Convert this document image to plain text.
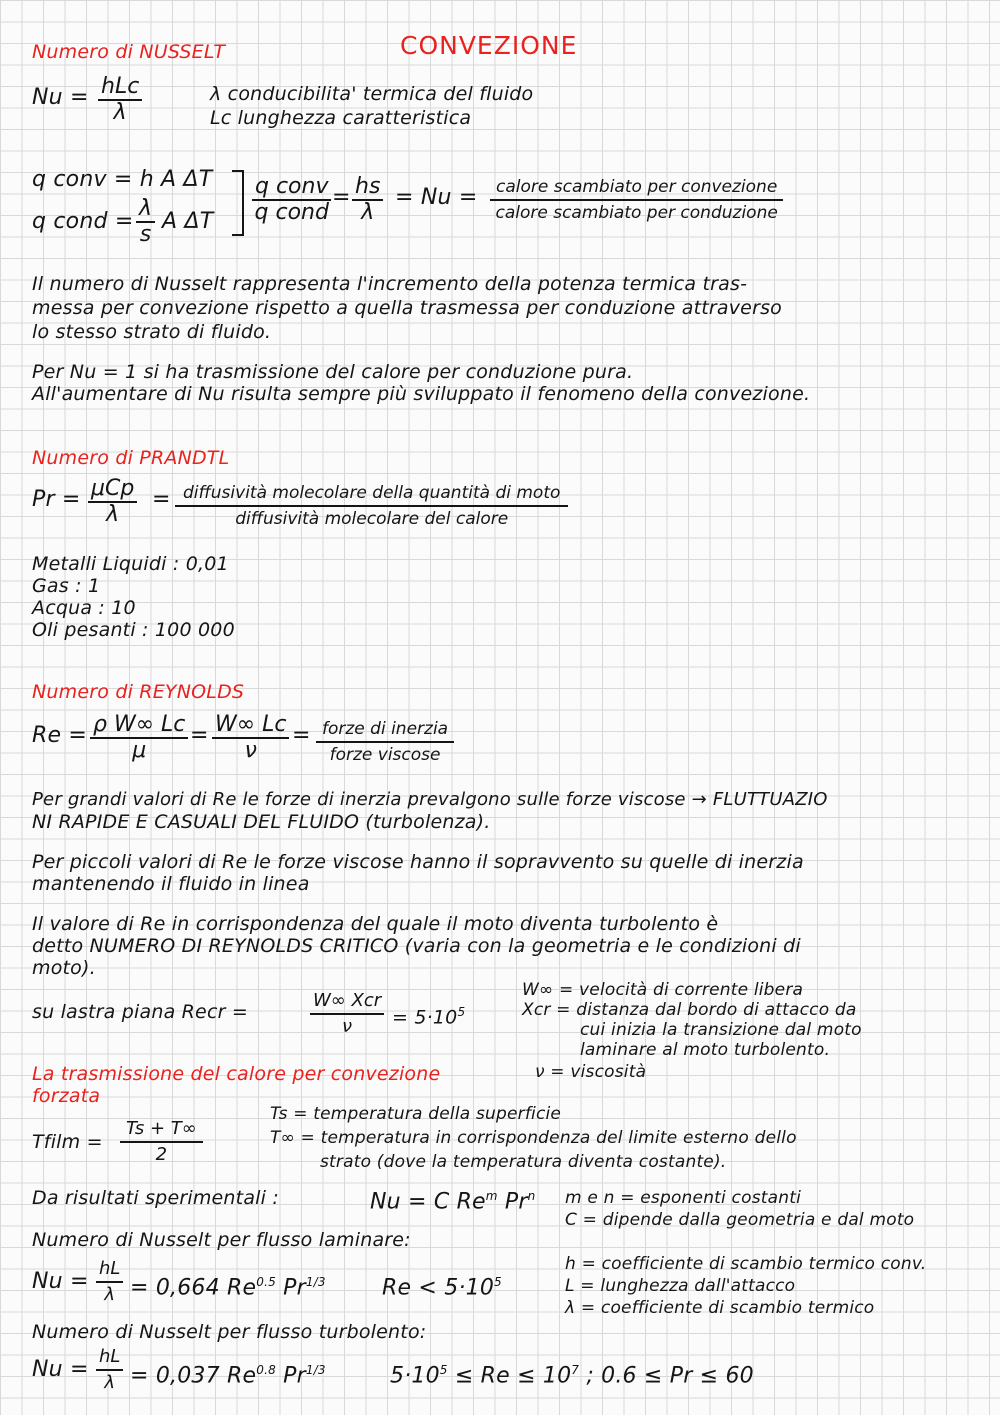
CONVEZIONE
Numero di NUSSELT
Nu = hLc
λ
λ conducibilita' termica del fluido
Lc lunghezza caratteristica
q conv = h A ΔT
q cond = $\frac{\lambda}{s}$ A ΔT
q conv
q cond
= $\frac{hs}{\lambda} = Nu$ =	calore scambiato per convezione
calore scambiato per conduzione
Il numero di Nusselt rappresenta l'incremento della potenza termica tras-
messa per convezione rispetto a quella trasmessa per conduzione attraverso
lo stesso strato di fluido.
Per Nu = 1 si ha trasmissione del calore per conduzione pura.
All'aumentare di Nu risulta sempre più sviluppato il fenomeno della convezione.
Numero di PRANDTL
Pr = μCp
λ
= diffusività molecolare della quantità di moto
diffusività molecolare del calore
Metalli Liquidi : 0,01
Gas : 1
Acqua : 10
Oli pesanti : 100 000
Numero di REYNOLDS
$Re = \frac{\text{ρ W∞ Lc}}{\mu} = \frac{W\infty Lc}{\nu}$ = forze di inerzia
forze viscose
Per grandi valori di Re le forze di inerzia prevalgono sulle forze viscose → FLUTTUAZIO
NI RAPIDE E CASUALI DEL FLUIDO (turbolenza).
Per piccoli valori di Re le forze viscose hanno il sopravvento su quelle di inerzia
mantenendo il fluido in linea
Il valore di Re in corrispondenza del quale il moto diventa turbolento è
detto NUMERO DI REYNOLDS CRITICO (varia con la geometria e le condizioni di
moto).
su lastra piana Recr =
W∞ Xcr
$\nu = 5\cdot 10^5$
W∞ = velocità di corrente libera
Xcr = distanza dal bordo di attacco da
cui inizia la transizione dal moto
laminare al moto turbolento.
ν = viscosità
La trasmissione del calore per convezione
forzata
Tfilm = $\frac{Ts + T\infty}{2}$
Ts = temperatura della superficie
T∞ = temperatura in corrispondenza del limite esterno dello
strato (dove la temperatura diventa costante).
Da risultati sperimentali :	Nu = C Re$^m$ Pr$^n$ m e n = esponenti costanti
C = dipende dalla geometria e dal moto
Numero di Nusselt per flusso laminare:
$Nu = \frac{hL}{\lambda} = 0,664$ $Re^{0.5}$ $Pr^{1/3}$	$Re < 5\cdot 10^5$
h = coefficiente di scambio termico conv.
L = lunghezza dall'attacco
λ = coefficiente di scambio termico
Numero di Nusselt per flusso turbolento:
$Nu = \frac{hL}{\lambda} = 0,037$ $Re^{0.8}$ $Pr^{1/3}$	$5\cdot 10^5 \le Re \le 10^7$ ; 0.6 ≤ Pr ≤ 60
